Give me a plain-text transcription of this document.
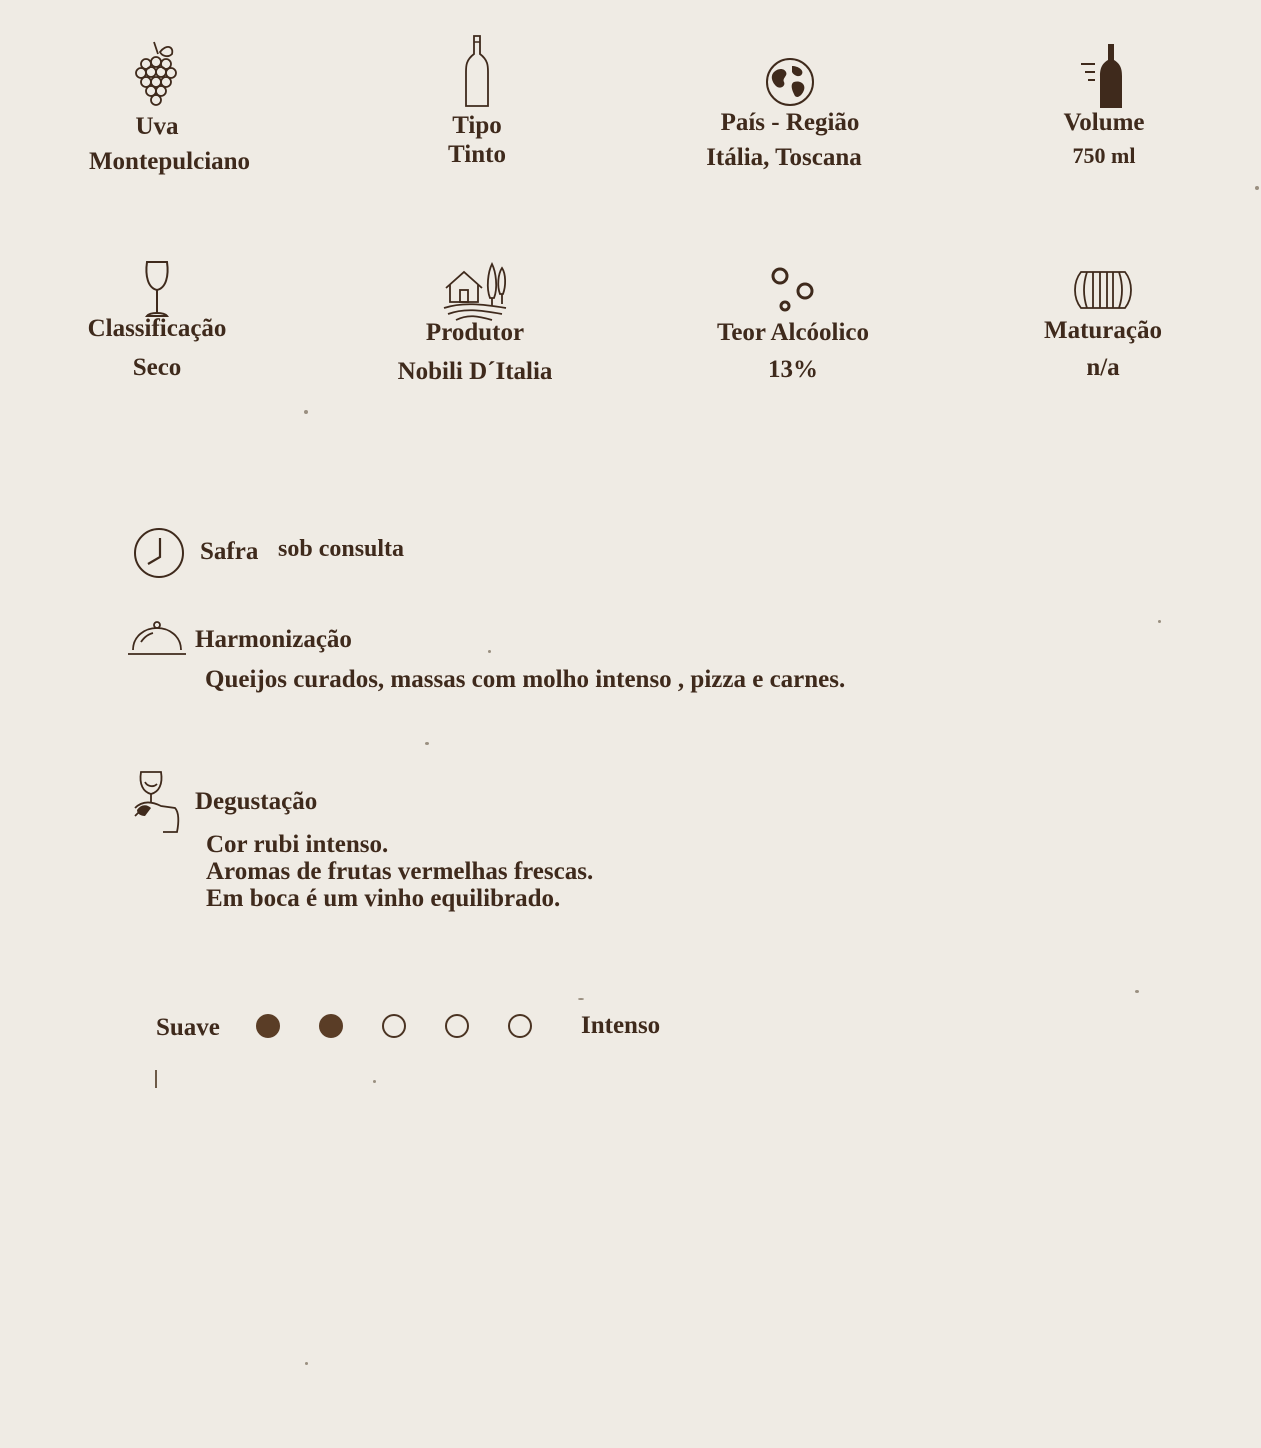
Uva
Montepulciano
Tipo
Tinto
País - Região
Itália, Toscana
Volume
750 ml
Classificação
Seco
Produtor
Nobili D´Italia
Teor Alcóolico
13%
Maturação
n/a
Safra sob consulta
Harmonização
Queijos curados, massas com molho intenso , pizza e carnes.
Degustação
Cor rubi intenso.
Aromas de frutas vermelhas frescas.
Em boca é um vinho equilibrado.
Suave	Intenso
